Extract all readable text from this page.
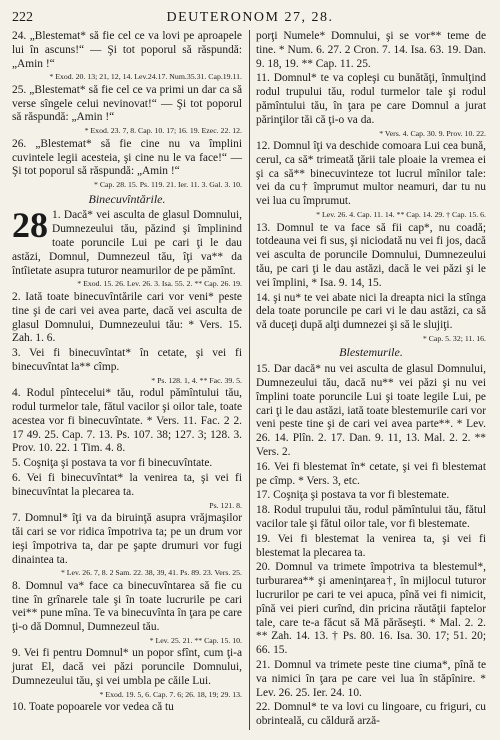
222	DEUTERONOM 27, 28.
24. „Blestemat* să fie cel ce va lovi pe aproapele lui în ascuns!“ — Şi tot poporul să răspundă: „Amin !“
* Exod. 20. 13; 21, 12, 14. Lev.24.17. Num.35.31. Cap.19.11.
25. „Blestemat* să fie cel ce va primi un dar ca să verse sîngele celui nevinovat!“ — Şi tot poporul să răspundă: „Amin !“
* Exod. 23. 7, 8. Cap. 10. 17; 16. 19. Ezec. 22. 12.
26. „Blestemat* să fie cine nu va împlini cuvintele legii acesteia, şi cine nu le va face!“ — Şi tot poporul să răspundă: „Amin !“
* Cap. 28. 15. Ps. 119. 21. Ier. 11. 3. Gal. 3. 10.
Binecuvîntările.
28 1. Dacă* vei asculta de glasul Domnului, Dumnezeului tău, păzind şi împlinind toate poruncile Lui pe cari ţi le dau astăzi, Domnul, Dumnezeul tău, îţi va** da întîietate asupra tuturor neamurilor de pe pămînt.
* Exod. 15. 26. Lev. 26. 3. Isa. 55. 2. ** Cap. 26. 19.
2. Iată toate binecuvîntările cari vor veni* peste tine şi de cari vei avea parte, dacă vei asculta de glasul Domnului, Dumnezeului tău: * Vers. 15. Zah. 1. 6.
3. Vei fi binecuvîntat* în cetate, şi vei fi binecuvîntat la** cîmp.
* Ps. 128. 1, 4. ** Fac. 39. 5.
4. Rodul pîntecelui* tău, rodul pămîntului tău, rodul turmelor tale, fătul vacilor şi oilor tale, toate acestea vor fi binecuvîntate. * Vers. 11. Fac. 2 2. 17 49. 25. Cap. 7. 13. Ps. 107. 38; 127. 3; 128. 3. Prov. 10. 22. 1 Tim. 4. 8.
5. Coşniţa şi postava ta vor fi binecuvîntate.
6. Vei fi binecuvîntat* la venirea ta, şi vei fi binecuvîntat la plecarea ta.
Ps. 121. 8.
7. Domnul* îţi va da biruinţă asupra vrăjmaşilor tăi cari se vor ridica împotriva ta; pe un drum vor ieşi împotriva ta, dar pe şapte drumuri vor fugi dinaintea ta.
* Lev. 26. 7, 8. 2 Sam. 22. 38, 39, 41. Ps. 89. 23. Vers. 25.
8. Domnul va* face ca binecuvîntarea să fie cu tine în grînarele tale şi în toate lucrurile pe cari vei** pune mîna. Te va binecuvînta în ţara pe care ţi-o dă Domnul, Dumnezeul tău.
* Lev. 25. 21. ** Cap. 15. 10.
9. Vei fi pentru Domnul* un popor sfînt, cum ţi-a jurat El, dacă vei păzi poruncile Domnului, Dumnezeului tău, şi vei umbla pe căile Lui.
* Exod. 19. 5, 6. Cap. 7. 6; 26. 18, 19; 29. 13.
10. Toate popoarele vor vedea că tu
porţi Numele* Domnului, şi se vor** teme de tine. * Num. 6. 27. 2 Cron. 7. 14. Isa. 63. 19. Dan. 9. 18, 19. ** Cap. 11. 25.
11. Domnul* te va copleşi cu bunătăţi, înmulţind rodul trupului tău, rodul turmelor tale şi rodul pămîntului tău, în ţara pe care Domnul a jurat părinţilor tăi că ţi-o va da.
* Vers. 4. Cap. 30. 9. Prov. 10. 22.
12. Domnul îţi va deschide comoara Lui cea bună, cerul, ca să* trimeată ţării tale ploaie la vremea ei şi ca să** binecuvinteze tot lucrul mînilor tale: vei da cu† împrumut multor neamuri, dar tu nu vei lua cu împrumut.
* Lev. 26. 4. Cap. 11. 14. ** Cap. 14. 29. † Cap. 15. 6.
13. Domnul te va face să fii cap*, nu coadă; totdeauna vei fi sus, şi niciodată nu vei fi jos, dacă vei asculta de poruncile Domnului, Dumnezeului tău, pe cari ţi le dau astăzi, dacă le vei păzi şi le vei împlini, * Isa. 9. 14, 15.
14. şi nu* te vei abate nici la dreapta nici la stînga dela toate poruncile pe cari vi le dau astăzi, ca să vă duceţi după alţi dumnezei şi să le slujiţi.
* Cap. 5. 32; 11. 16.
Blestemurile.
15. Dar dacă* nu vei asculta de glasul Domnului, Dumnezeului tău, dacă nu** vei păzi şi nu vei împlini toate poruncile Lui şi toate legile Lui, pe cari ţi le dau astăzi, iată toate blestemurile cari vor veni peste tine şi de cari vei avea parte**. * Lev. 26. 14. Plîn. 2. 17. Dan. 9. 11, 13. Mal. 2. 2. ** Vers. 2.
16. Vei fi blestemat în* cetate, şi vei fi blestemat pe cîmp. * Vers. 3, etc.
17. Coşniţa şi postava ta vor fi blestemate.
18. Rodul trupului tău, rodul pămîntului tău, fătul vacilor tale şi fătul oilor tale, vor fi blestemate.
19. Vei fi blestemat la venirea ta, şi vei fi blestemat la plecarea ta.
20. Domnul va trimete împotriva ta blestemul*, turburarea** şi ameninţarea†, în mijlocul tuturor lucrurilor pe cari te vei apuca, pînă vei fi nimicit, pînă vei pieri curînd, din pricina răutăţii faptelor tale, care te-a făcut să Mă părăseşti. * Mal. 2. 2. ** Zah. 14. 13. † Ps. 80. 16. Isa. 30. 17; 51. 20; 66. 15.
21. Domnul va trimete peste tine ciuma*, pînă te va nimici în ţara pe care vei lua în stăpînire. * Lev. 26. 25. Ier. 24. 10.
22. Domnul* te va lovi cu lingoare, cu friguri, cu obrinteală, cu căldură arză-
